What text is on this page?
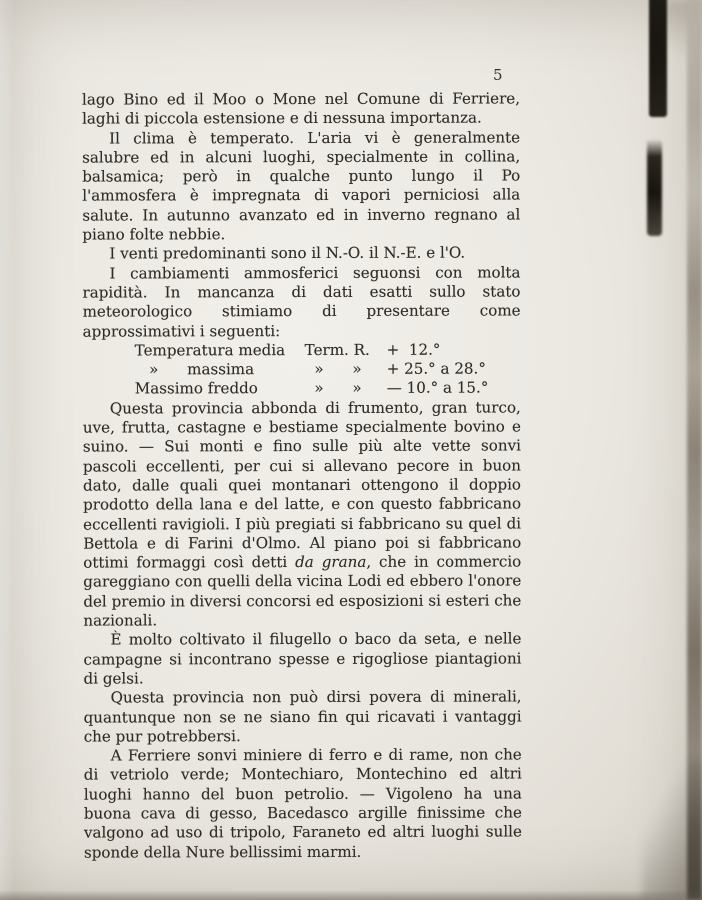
5

lago Bino ed il Moo o Mone nel Comune di Ferriere, laghi di piccola estensione e di nessuna importanza.

Il clima è temperato. L'aria vi è generalmente salubre ed in alcuni luoghi, specialmente in collina, balsamica; però in qualche punto lungo il Po l'ammosfera è impregnata di vapori perniciosi alla salute. In autunno avanzato ed in inverno regnano al piano folte nebbie.

I venti predominanti sono il N.-O. il N.-E. e l'O.

I cambiamenti ammosferici seguonsi con molta rapidità. In mancanza di dati esatti sullo stato meteorologico stimiamo di presentare come approssimativi i seguenti:

Temperatura media	Term. R.	+  12.°
»      massima	»      »	+ 25.° a 28.°
Massimo freddo	»      »	— 10.° a 15.°

Questa provincia abbonda di frumento, gran turco, uve, frutta, castagne e bestiame specialmente bovino e suino. — Sui monti e fino sulle più alte vette sonvi pascoli eccellenti, per cui si allevano pecore in buon dato, dalle quali quei montanari ottengono il doppio prodotto della lana e del latte, e con questo fabbricano eccellenti ravigioli. I più pregiati si fabbricano su quel di Bettola e di Farini d'Olmo. Al piano poi si fabbricano ottimi formaggi così detti da grana, che in commercio gareggiano con quelli della vicina Lodi ed ebbero l'onore del premio in diversi concorsi ed esposizioni si esteri che nazionali.

È molto coltivato il filugello o baco da seta, e nelle campagne si incontrano spesse e rigogliose piantagioni di gelsi.

Questa provincia non può dirsi povera di minerali, quantunque non se ne siano fin qui ricavati i vantaggi che pur potrebbersi.

A Ferriere sonvi miniere di ferro e di rame, non che di vetriolo verde; Montechiaro, Montechino ed altri luoghi hanno del buon petrolio. — Vigoleno ha una buona cava di gesso, Bacedasco argille finissime che valgono ad uso di tripolo, Faraneto ed altri luoghi sulle sponde della Nure bellissimi marmi.
